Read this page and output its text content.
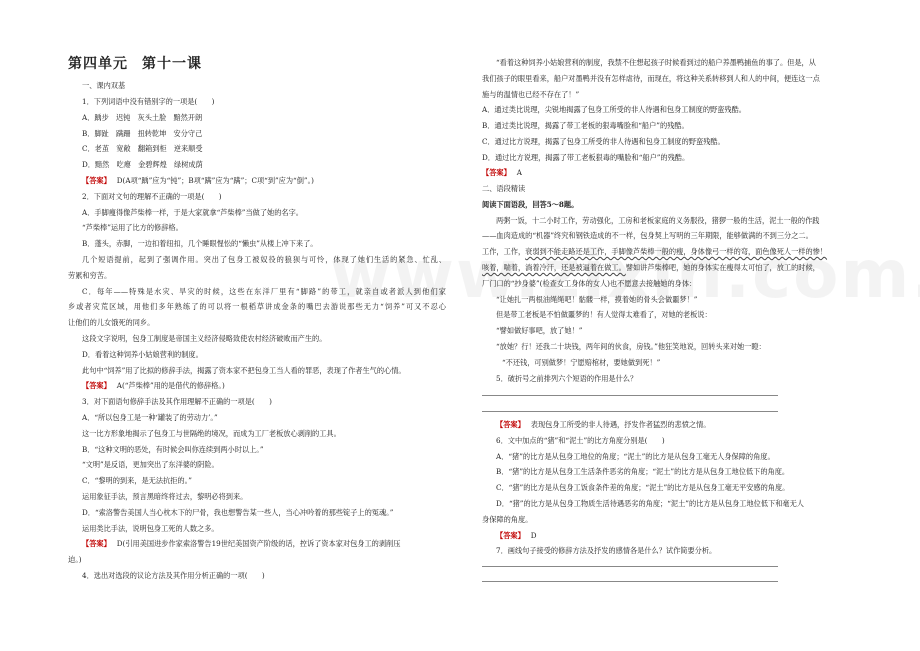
第四单元 第十一课
一、课内双基
1．下列词语中没有错别字的一项是(　　)
A．踽步　迟钝　灰头土脸　黯然开朗
B．脚趾　蹒跚　扭转乾坤　安分守己
C．老茧　宽敞　翻箱到柜　逆来顺受
D．黯然　吃瘪　金碧辉煌　绿树成荫
【答案】 D(A项“踽”应为“钝”；B项“蹒”应为“蹒”；C项“到”应为“倒”。)
2．下面对文句的理解不正确的一项是(　　)
A．手脚瘦得像芦柴棒一样，于是大家就拿“芦柴棒”当做了她的名字。
“芦柴棒”运用了比方的修辞格。
B．蓬头，赤脚，一边扣着纽扣，几个睡眼惺忪的“懒虫”从楼上冲下来了。
几个短语提前，起到了强调作用。突出了包身工被奴役的狼狈与可怜，体现了她们生活的紧急、忙乱、
劳累和穷苦。
C．每年——特殊是水灾、旱灾的时候，这些在东洋厂里有“脚路”的带工，就亲自或者派人到他们家
乡或者灾荒区域，用他们多年熟练了的可以将一根稻草讲成金条的嘴巴去游说那些无力“饲养”可又不忍心
让他们的儿女饿死的同乡。
这段文字说明，包身工制度是帝国主义经济侵略致使农村经济破败而产生的。
D．看着这种饲养小姑娘营利的制度。
此句中“饲养”用了比拟的修辞手法，揭露了资本家不把包身工当人看的罪恶，表现了作者生气的心情。
【答案】 A(“芦柴棒”用的是借代的修辞格。)
3．对下面语句修辞手法及其作用理解不正确的一项是(　　)
A．“所以包身工是一种‘罐装了的劳动力’。”
这一比方形象地揭示了包身工与世隔绝的境况，而成为工厂老板放心剥削的工具。
B．“这种文明的恶处，有时候会叫你连续到两小时以上。”
“文明”是反语，更加突出了东洋婆的阴险。
C．“黎明的到来，是无法抗拒的。”
运用象征手法，预言黑暗终将过去，黎明必将到来。
D．“索洛警告美国人当心枕木下的尸骨，我也想警告某一些人，当心冲吟着的那些锭子上的冤魂。”
运用类比手法，说明包身工死的人数之多。
【答案】 D(引用美国进步作家索洛警告19世纪美国资产阶级的话，控诉了资本家对包身工的剥削压
迫。)
4．选出对选段的议论方法及其作用分析正确的一项(　　)
“看着这种饲养小姑娘营利的制度，我禁不住想起孩子时候看到过的船户养墨鸭捕鱼的事了。但是，从
我们孩子的眼里看来，船户对墨鸭并没有怎样虐待，而现在，将这种关系转移到人和人的中间，便连这一点
施与的温情也已经不存在了！”
A．通过类比说理，尖锐地揭露了包身工所受的非人待遇和包身工制度的野蛮残酷。
B．通过类比说理，揭露了带工老板的狠毒嘴脸和“船户”的残酷。
C．通过比方说理，揭露了包身工所受的非人待遇和包身工制度的野蛮残酷。
D．通过比方说理，揭露了带工老板狠毒的嘴脸和“船户”的残酷。
【答案】 A
二、语段精读
阅读下面语段，回答5～8题。
两粥一饭，十二小时工作，劳动强化，工房和老板家庭的义务服役，猪猡一般的生活，泥土一般的作践
——血肉造成的“机器”终究和钢铁造成的不一样，包身契上写明的三年期限，能够做满的不到三分之二。
工作，工作，衰弱到不能走路还是工作，手脚像芦柴棒一般的瘦，身体像弓一样的弯，面色像死人一样的惨！
咳着，喘着，淌着冷汗，还是被逼着在做工。譬如讲芦柴棒吧，她的身体实在瘦得太可怕了，放工的时候，
厂门口的“抄身婆”(检查女工身体的女人)也不愿意去接触她的身体：
“让她扎一两根油绳绳吧！骷髅一样，摸着她的骨头会做噩梦！”
但是带工老板是不怕做噩梦的！有人觉得太难看了，对她的老板说：
“譬如做好事吧，放了她！”
“放她？行！还我二十块钱，两年间的伙食，房钱。”他狂笑地说，回转头来对她一瞪：
“不还钱，可别做梦！宁愿赔棺材，要她做到死！”
5．破折号之前排列六个短语的作用是什么？
【答案】 表现包身工所受的非人待遇，抒发作者猛烈的悲愤之情。
6．文中加点的“猪”和“泥土”的比方角度分别是(　　)
A．“猪”的比方是从包身工地位的角度；“泥土”的比方是从包身工毫无人身保障的角度。
B．“猪”的比方是从包身工生活条件恶劣的角度；“泥土”的比方是从包身工地位低下的角度。
C．“猪”的比方是从包身工饭食条件差的角度；“泥土”的比方是从包身工毫无平安感的角度。
D．“猪”的比方是从包身工物质生活待遇恶劣的角度；“泥土”的比方是从包身工地位低下和毫无人
身保障的角度。
【答案】 D
7．画线句子接受的修辞方法及抒发的感情各是什么？试作简要分析。
